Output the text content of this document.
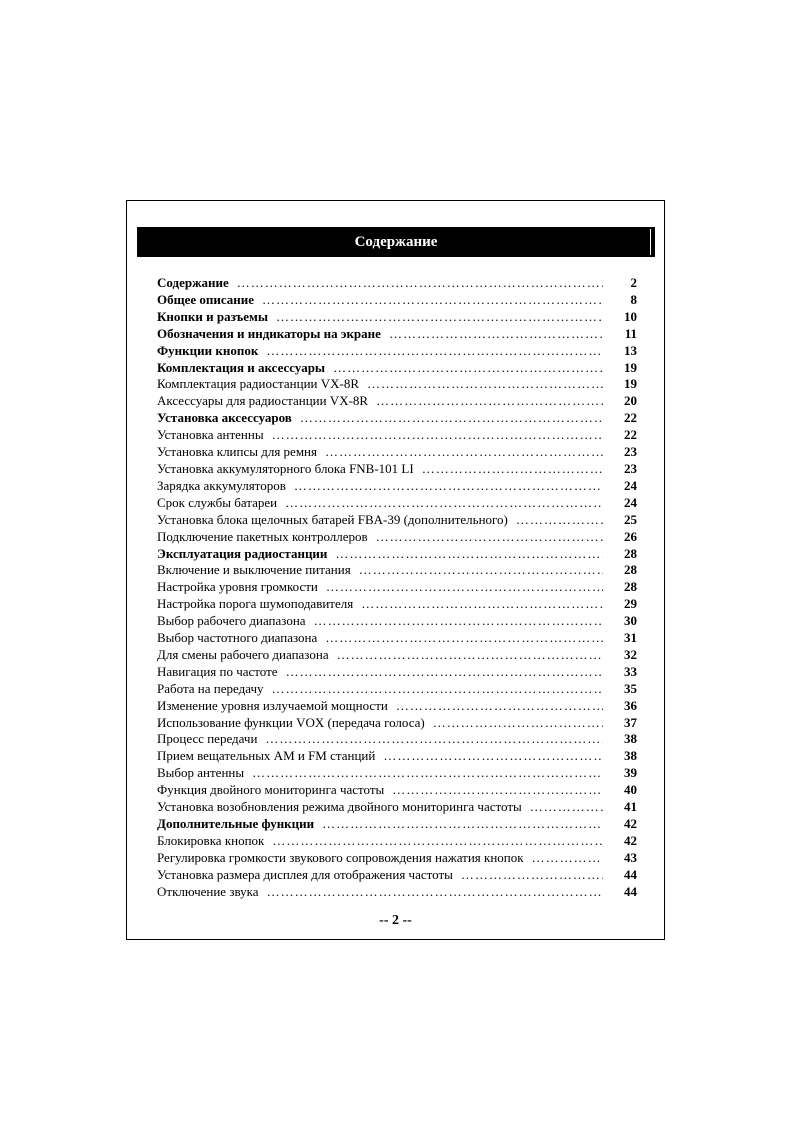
Содержание
Содержание …………………………………………………………………………………………………………………………………………	2
Общее описание …………………………………………………………………………………………………………………………………………	8
Кнопки и разъемы …………………………………………………………………………………………………………………………………………	10
Обозначения и индикаторы на экране …………………………………………………………………………………………………………………………………………	11
Функции кнопок …………………………………………………………………………………………………………………………………………	13
Комплектация и аксессуары …………………………………………………………………………………………………………………………………………	19
Комплектация радиостанции VX-8R …………………………………………………………………………………………………………………………………………	19
Аксессуары для радиостанции VX-8R …………………………………………………………………………………………………………………………………………	20
Установка аксессуаров …………………………………………………………………………………………………………………………………………	22
Установка антенны …………………………………………………………………………………………………………………………………………	22
Установка клипсы для ремня …………………………………………………………………………………………………………………………………………	23
Установка аккумуляторного блока FNB-101 LI …………………………………………………………………………………………………………………………………………	23
Зарядка аккумуляторов …………………………………………………………………………………………………………………………………………	24
Срок службы батареи …………………………………………………………………………………………………………………………………………	24
Установка блока щелочных батарей FBA-39 (дополнительного) …………………………………………………………………………………………………………………………………………	25
Подключение пакетных контроллеров …………………………………………………………………………………………………………………………………………	26
Эксплуатация радиостанции …………………………………………………………………………………………………………………………………………	28
Включение и выключение питания …………………………………………………………………………………………………………………………………………	28
Настройка уровня громкости …………………………………………………………………………………………………………………………………………	28
Настройка порога шумоподавителя …………………………………………………………………………………………………………………………………………	29
Выбор рабочего диапазона …………………………………………………………………………………………………………………………………………	30
Выбор частотного диапазона …………………………………………………………………………………………………………………………………………	31
Для смены рабочего диапазона …………………………………………………………………………………………………………………………………………	32
Навигация по частоте …………………………………………………………………………………………………………………………………………	33
Работа на передачу …………………………………………………………………………………………………………………………………………	35
Изменение уровня излучаемой мощности …………………………………………………………………………………………………………………………………………	36
Использование функции VOX (передача голоса) …………………………………………………………………………………………………………………………………………	37
Процесс передачи …………………………………………………………………………………………………………………………………………	38
Прием вещательных AM и FM станций …………………………………………………………………………………………………………………………………………	38
Выбор антенны …………………………………………………………………………………………………………………………………………	39
Функция двойного мониторинга частоты …………………………………………………………………………………………………………………………………………	40
Установка возобновления режима двойного мониторинга частоты …………………………………………………………………………………………………………………………………………	41
Дополнительные функции …………………………………………………………………………………………………………………………………………	42
Блокировка кнопок …………………………………………………………………………………………………………………………………………	42
Регулировка громкости звукового сопровождения нажатия кнопок …………………………………………………………………………………………………………………………………………	43
Установка размера дисплея для отображения частоты …………………………………………………………………………………………………………………………………………	44
Отключение звука …………………………………………………………………………………………………………………………………………	44
-- 2 --
